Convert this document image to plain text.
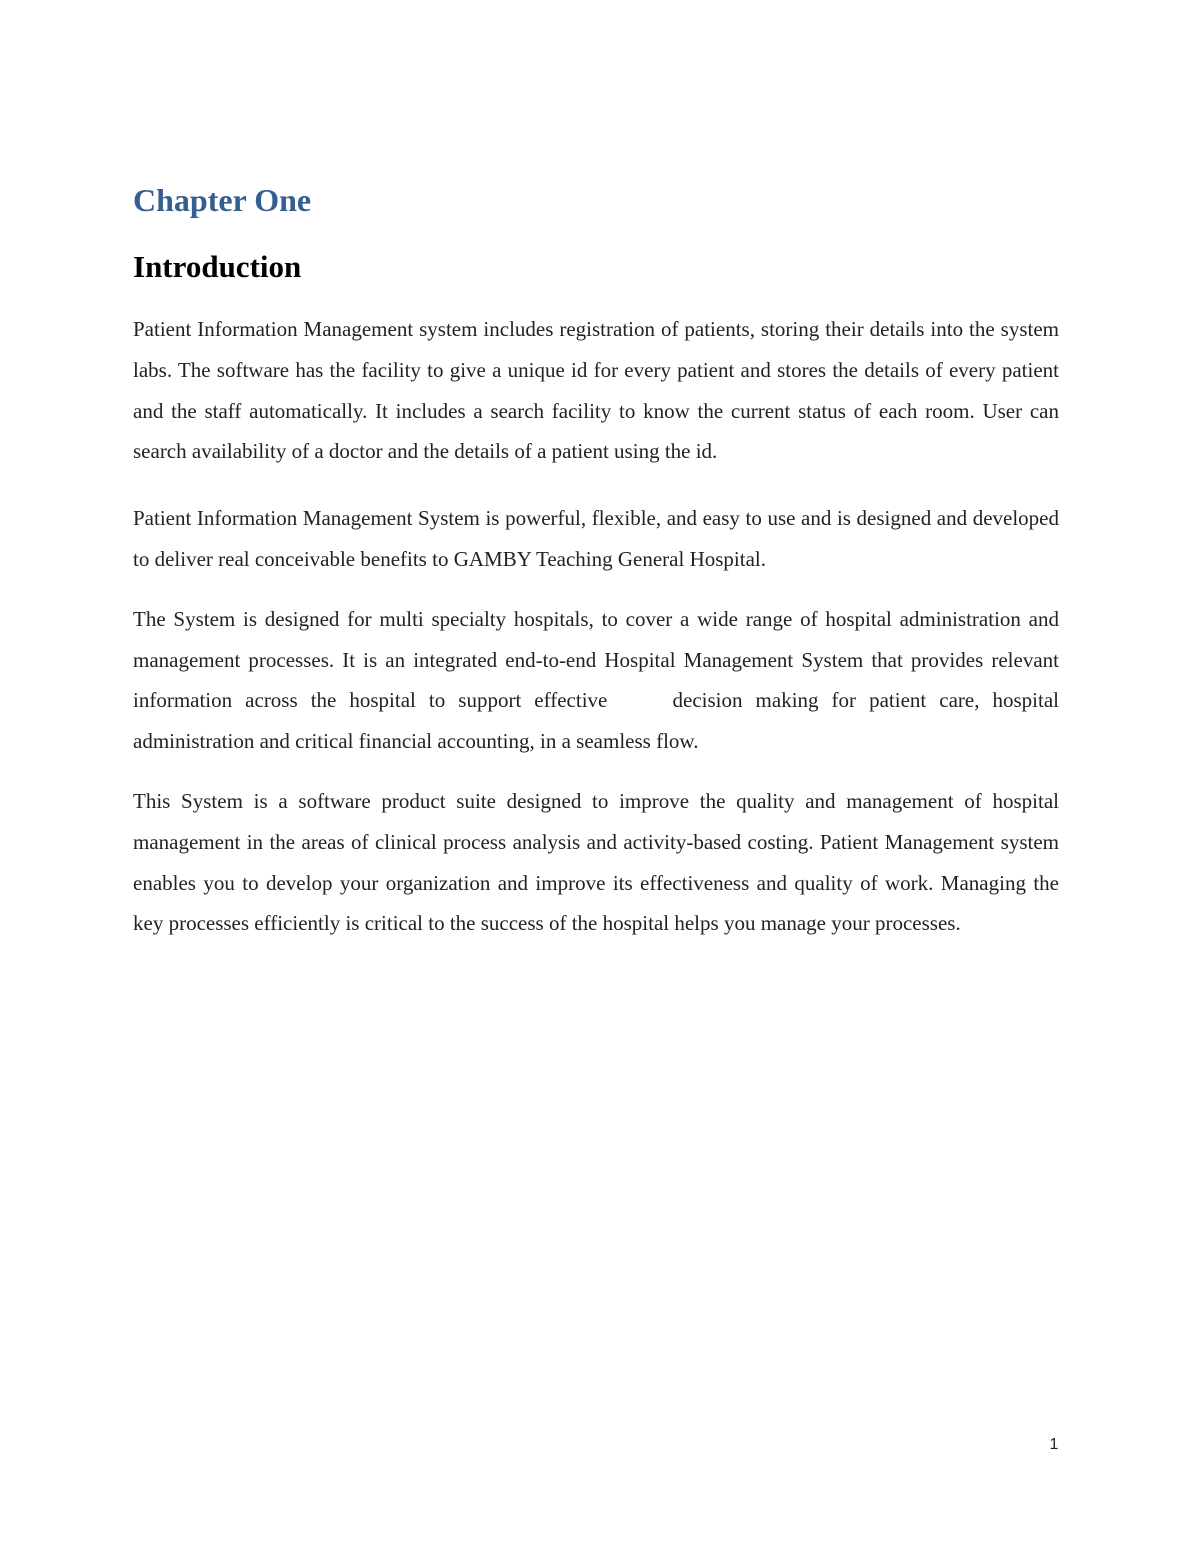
Chapter One
Introduction

Patient Information Management system includes registration of patients, storing their details into the system labs. The software has the facility to give a unique id for every patient and stores the details of every patient and the staff automatically. It includes a search facility to know the current status of each room. User can search availability of a doctor and the details of a patient using the id.

Patient Information Management System is powerful, flexible, and easy to use and is designed and developed to deliver real conceivable benefits to GAMBY Teaching General Hospital.

The System is designed for multi specialty hospitals, to cover a wide range of hospital administration and management processes. It is an integrated end-to-end Hospital Management System that provides relevant information across the hospital to support effective     decision making for patient care, hospital administration and critical financial accounting, in a seamless flow.

This System is a software product suite designed to improve the quality and management of hospital management in the areas of clinical process analysis and activity-based costing. Patient Management system enables you to develop your organization and improve its effectiveness and quality of work. Managing the key processes efficiently is critical to the success of the hospital helps you manage your processes.

1
